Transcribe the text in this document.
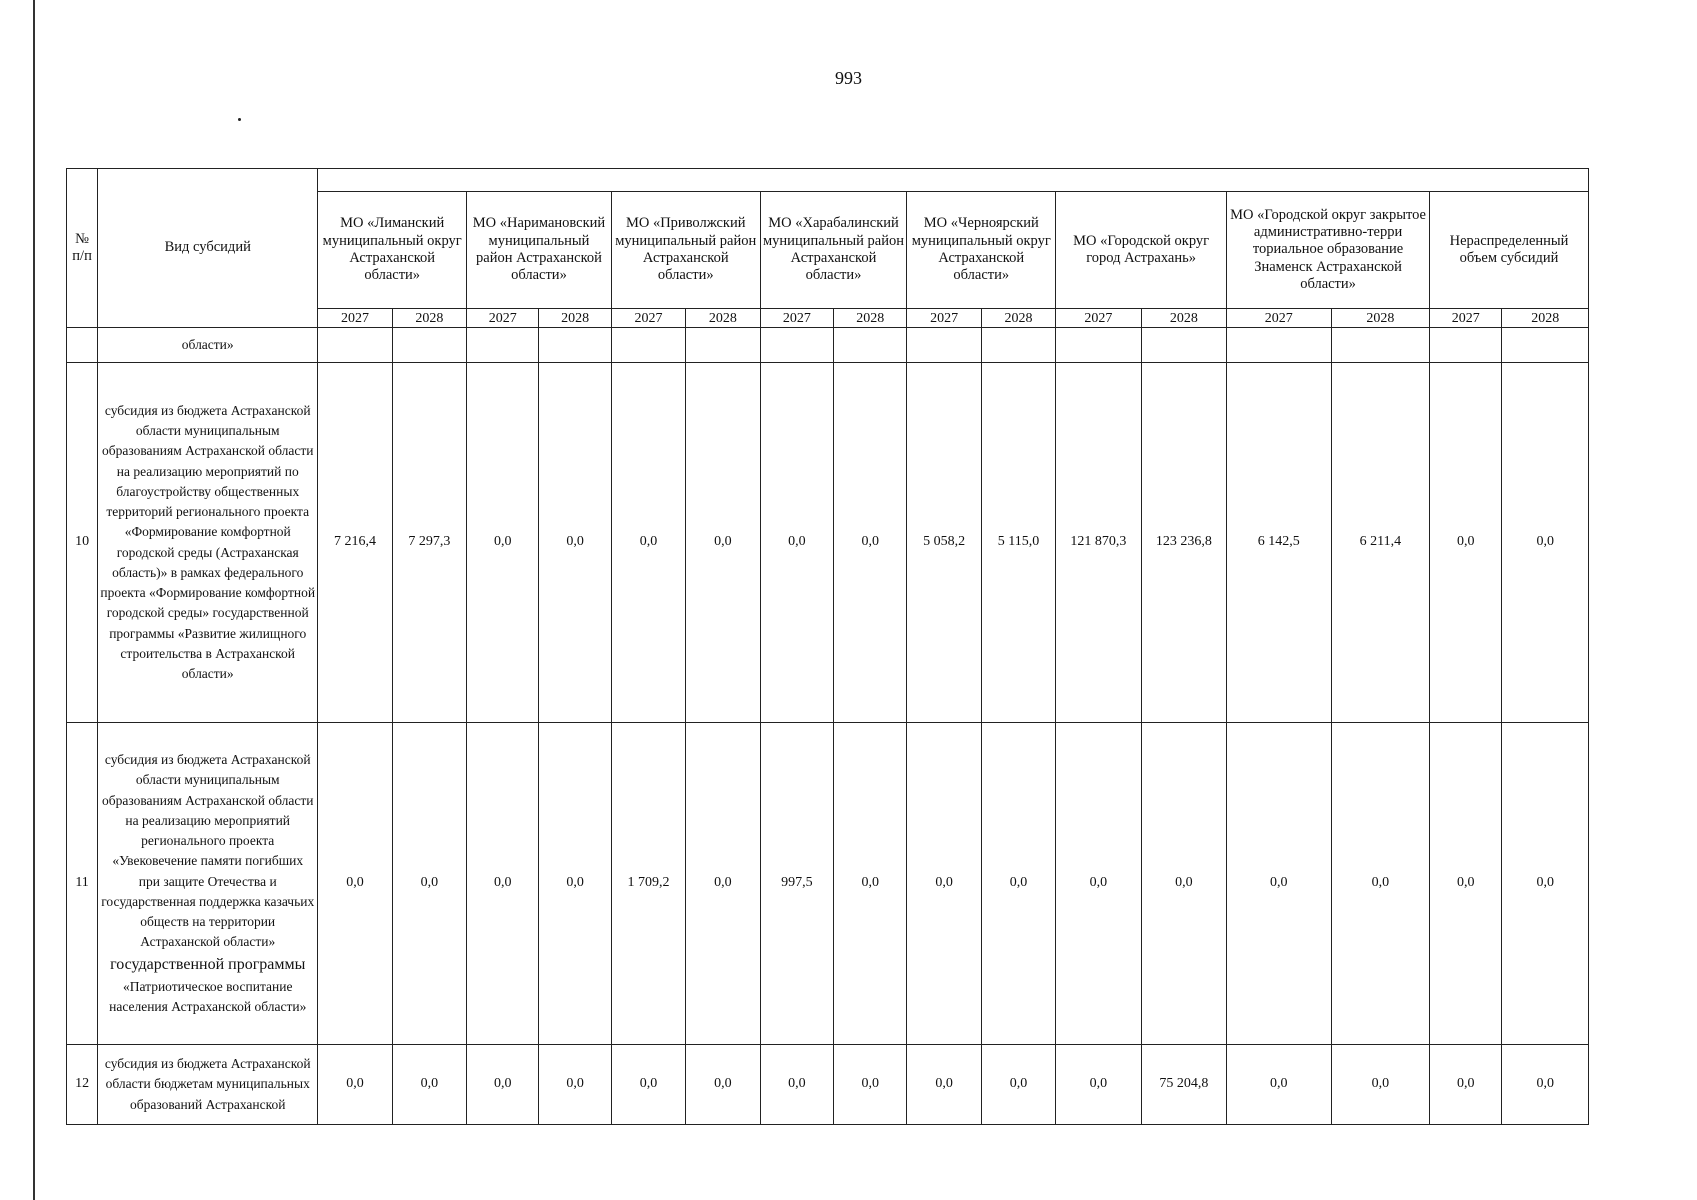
993
№ п/п	Вид субсидий																
		МО «Лиманский муниципальный округ Астраханской области»		МО «Наримановский муниципальный район Астраханской области»		МО «Приволжский муниципальный район Астраханской области»		МО «Харабалинский муниципальный район Астраханской области»		МО «Черноярский муниципальный округ Астраханской области»		МО «Городской округ город Астрахань»		МО «Городской округ закрытое административно-терри ториальное образование Знаменск Астраханской области»		Нераспределенный объем субсидий	
		2027	2028	2027	2028	2027	2028	2027	2028	2027	2028	2027	2028	2027	2028	2027	2028
	области»																
10	субсидия из бюджета Астраханской области муниципальным образованиям Астраханской области на реализацию мероприятий по благоустройству общественных территорий регионального проекта «Формирование комфортной городской среды (Астраханская область)» в рамках федерального проекта «Формирование комфортной городской среды» государственной программы «Развитие жилищного строительства в Астраханской области»	7 216,4	7 297,3	0,0	0,0	0,0	0,0	0,0	0,0	5 058,2	5 115,0	121 870,3	123 236,8	6 142,5	6 211,4	0,0	0,0
11	субсидия из бюджета Астраханской области муниципальным образованиям Астраханской области на реализацию мероприятий регионального проекта «Увековечение памяти погибших при защите Отечества и государственная поддержка казачьих обществ на территории Астраханской области»
государственной программы
«Патриотическое воспитание населения Астраханской области»	0,0	0,0	0,0	0,0	1 709,2	0,0	997,5	0,0	0,0	0,0	0,0	0,0	0,0	0,0	0,0	0,0
12	субсидия из бюджета Астраханской области бюджетам муниципальных образований Астраханской	0,0	0,0	0,0	0,0	0,0	0,0	0,0	0,0	0,0	0,0	0,0	75 204,8	0,0	0,0	0,0	0,0
